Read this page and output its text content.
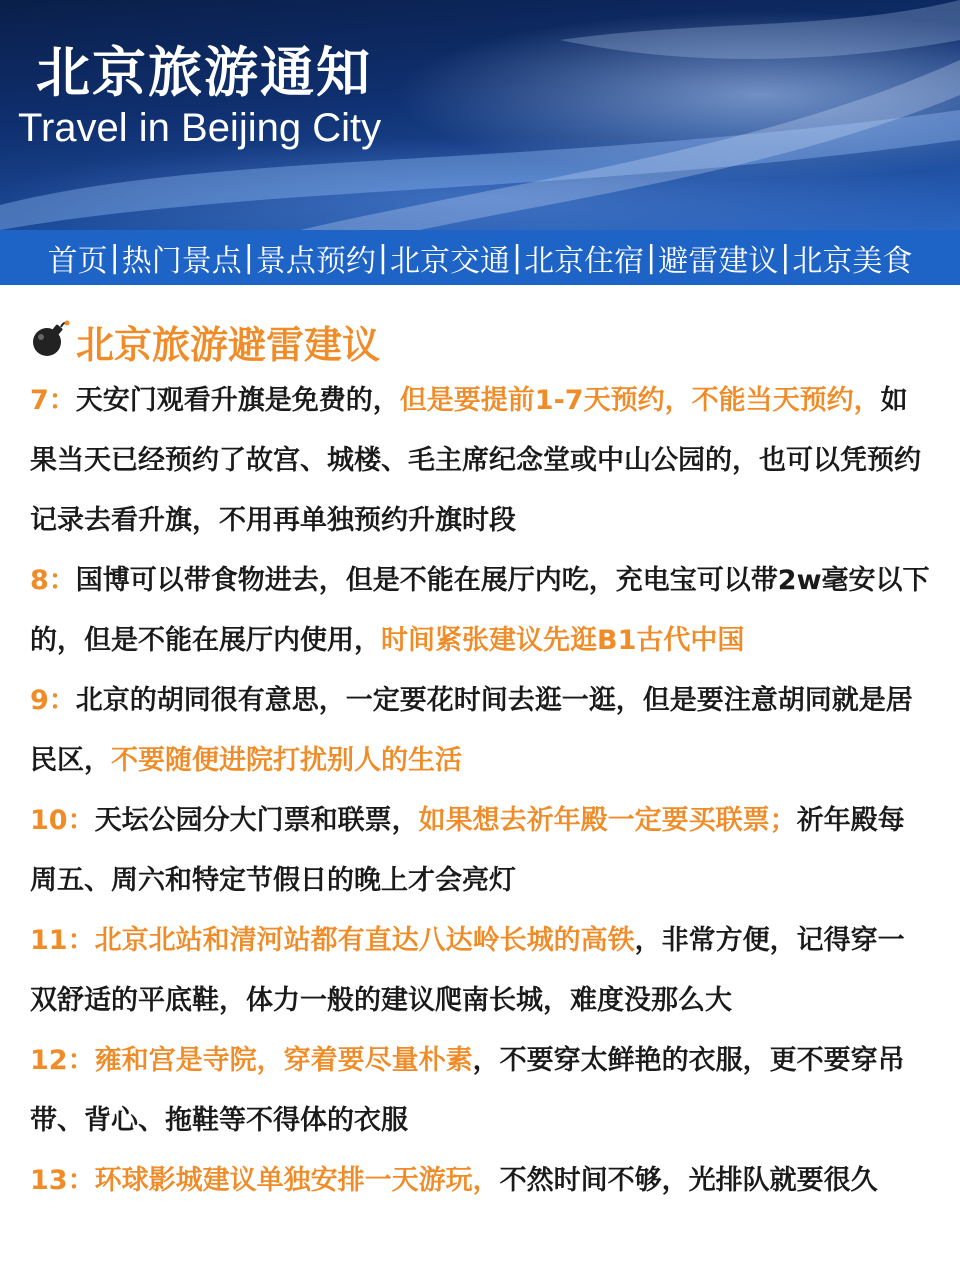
北京旅游通知
Travel in Beijing City
首页 | 热门景点 | 景点预约 | 北京交通 | 北京住宿 | 避雷建议 | 北京美食
北京旅游避雷建议

7：天安门观看升旗是免费的，但是要提前1-7天预约，不能当天预约，如果当天已经预约了故宫、城楼、毛主席纪念堂或中山公园的，也可以凭预约记录去看升旗，不用再单独预约升旗时段

8：国博可以带食物进去，但是不能在展厅内吃，充电宝可以带2w毫安以下的，但是不能在展厅内使用，时间紧张建议先逛B1古代中国

9：北京的胡同很有意思，一定要花时间去逛一逛，但是要注意胡同就是居民区，不要随便进院打扰别人的生活

10：天坛公园分大门票和联票，如果想去祈年殿一定要买联票；祈年殿每周五、周六和特定节假日的晚上才会亮灯

11：北京北站和清河站都有直达八达岭长城的高铁，非常方便，记得穿一双舒适的平底鞋，体力一般的建议爬南长城，难度没那么大

12：雍和宫是寺院，穿着要尽量朴素，不要穿太鲜艳的衣服，更不要穿吊带、背心、拖鞋等不得体的衣服

13：环球影城建议单独安排一天游玩，不然时间不够，光排队就要很久
